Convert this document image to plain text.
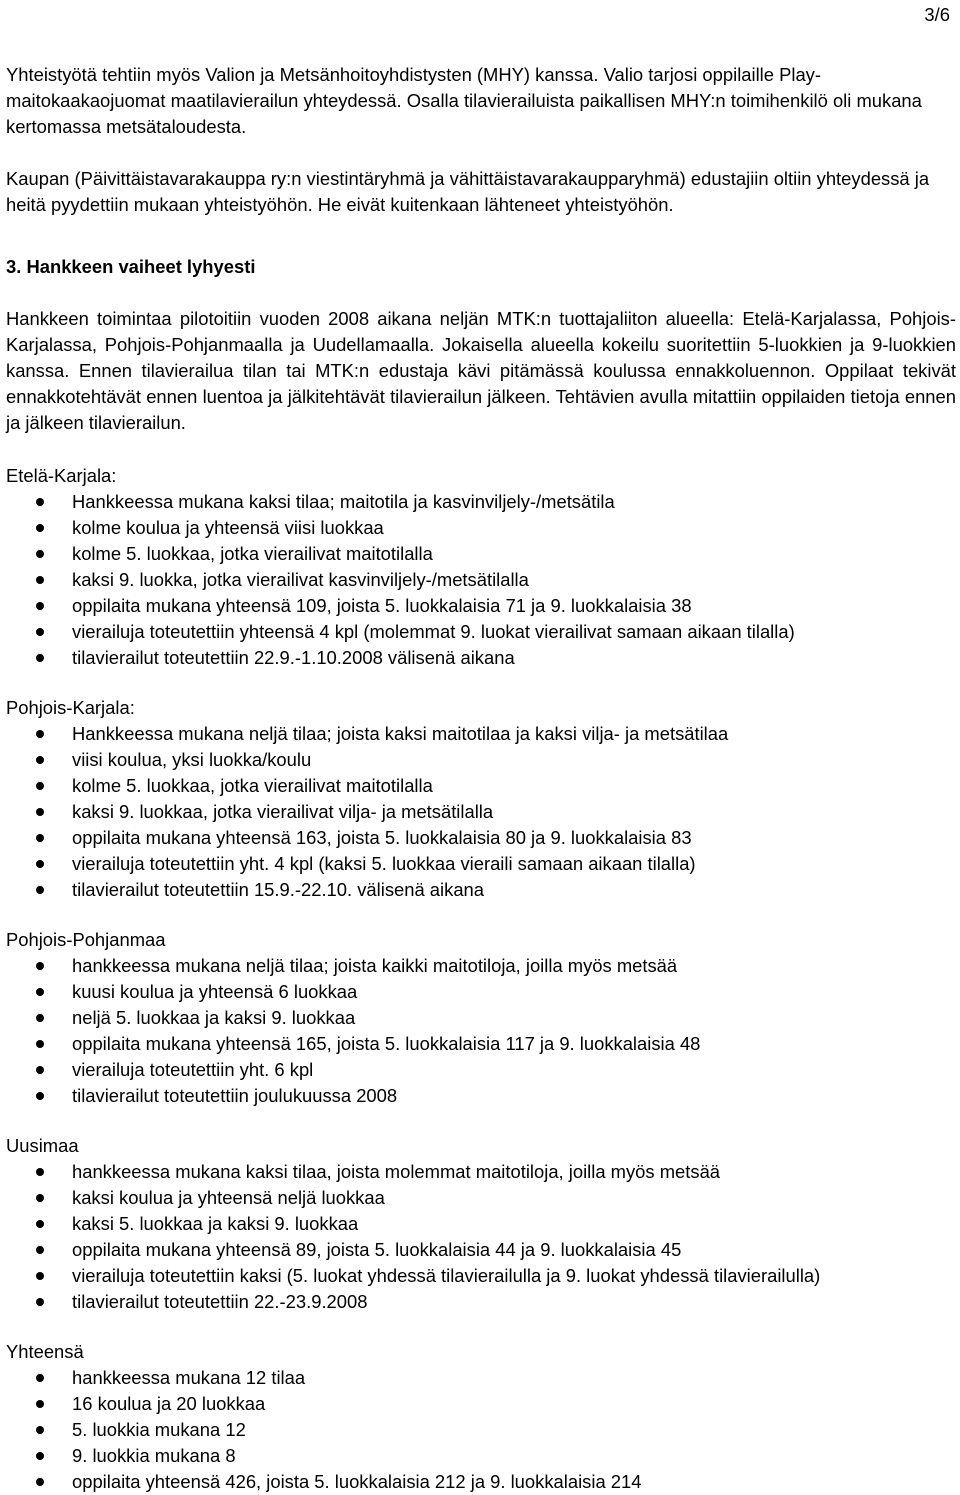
3/6

Yhteistyötä tehtiin myös Valion ja Metsänhoitoyhdistysten (MHY) kanssa. Valio tarjosi oppilaille Play-maitokaakaojuomat maatilavierailun yhteydessä. Osalla tilavierailuista paikallisen MHY:n toimihenkilö oli mukana kertomassa metsätaloudesta.

Kaupan (Päivittäistavarakauppa ry:n viestintäryhmä ja vähittäistavarakaupparyhmä) edustajiin oltiin yhteydessä ja heitä pyydettiin mukaan yhteistyöhön. He eivät kuitenkaan lähteneet yhteistyöhön.

3. Hankkeen vaiheet lyhyesti

Hankkeen toimintaa pilotoitiin vuoden 2008 aikana neljän MTK:n tuottajaliiton alueella: Etelä-Karjalassa, Pohjois-Karjalassa, Pohjois-Pohjanmaalla ja Uudellamaalla. Jokaisella alueella kokeilu suoritettiin 5-luokkien ja 9-luokkien kanssa. Ennen tilavierailua tilan tai MTK:n edustaja kävi pitämässä koulussa ennakkoluennon. Oppilaat tekivät ennakkotehtävät ennen luentoa ja jälkitehtävät tilavierailun jälkeen. Tehtävien avulla mitattiin oppilaiden tietoja ennen ja jälkeen tilavierailun.

Etelä-Karjala:

Hankkeessa mukana kaksi tilaa; maitotila ja kasvinviljely-/metsätila
kolme koulua ja yhteensä viisi luokkaa
kolme 5. luokkaa, jotka vierailivat maitotilalla
kaksi 9. luokka, jotka vierailivat kasvinviljely-/metsätilalla
oppilaita mukana yhteensä 109, joista 5. luokkalaisia 71 ja 9. luokkalaisia 38
vierailuja toteutettiin yhteensä 4 kpl (molemmat 9. luokat vierailivat samaan aikaan tilalla)
tilavierailut toteutettiin 22.9.-1.10.2008 välisenä aikana

Pohjois-Karjala:

Hankkeessa mukana neljä tilaa; joista kaksi maitotilaa ja kaksi vilja- ja metsätilaa
viisi koulua, yksi luokka/koulu
kolme 5. luokkaa, jotka vierailivat maitotilalla
kaksi 9. luokkaa, jotka vierailivat vilja- ja metsätilalla
oppilaita mukana yhteensä 163, joista 5. luokkalaisia 80 ja 9. luokkalaisia 83
vierailuja toteutettiin yht. 4 kpl (kaksi 5. luokkaa vieraili samaan aikaan tilalla)
tilavierailut toteutettiin 15.9.-22.10. välisenä aikana

Pohjois-Pohjanmaa

hankkeessa mukana neljä tilaa; joista kaikki maitotiloja, joilla myös metsää
kuusi koulua ja yhteensä 6 luokkaa
neljä 5. luokkaa ja kaksi 9. luokkaa
oppilaita mukana yhteensä 165, joista 5. luokkalaisia 117 ja 9. luokkalaisia 48
vierailuja toteutettiin yht. 6 kpl
tilavierailut toteutettiin joulukuussa 2008

Uusimaa

hankkeessa mukana kaksi tilaa, joista molemmat maitotiloja, joilla myös metsää
kaksi koulua ja yhteensä neljä luokkaa
kaksi 5. luokkaa ja kaksi 9. luokkaa
oppilaita mukana yhteensä 89, joista 5. luokkalaisia 44 ja 9. luokkalaisia 45
vierailuja toteutettiin kaksi (5. luokat yhdessä tilavierailulla ja 9. luokat yhdessä tilavierailulla)
tilavierailut toteutettiin 22.-23.9.2008

Yhteensä

hankkeessa mukana 12 tilaa
16 koulua ja 20 luokkaa
5. luokkia mukana 12
9. luokkia mukana 8
oppilaita yhteensä 426, joista 5. luokkalaisia 212 ja 9. luokkalaisia 214
